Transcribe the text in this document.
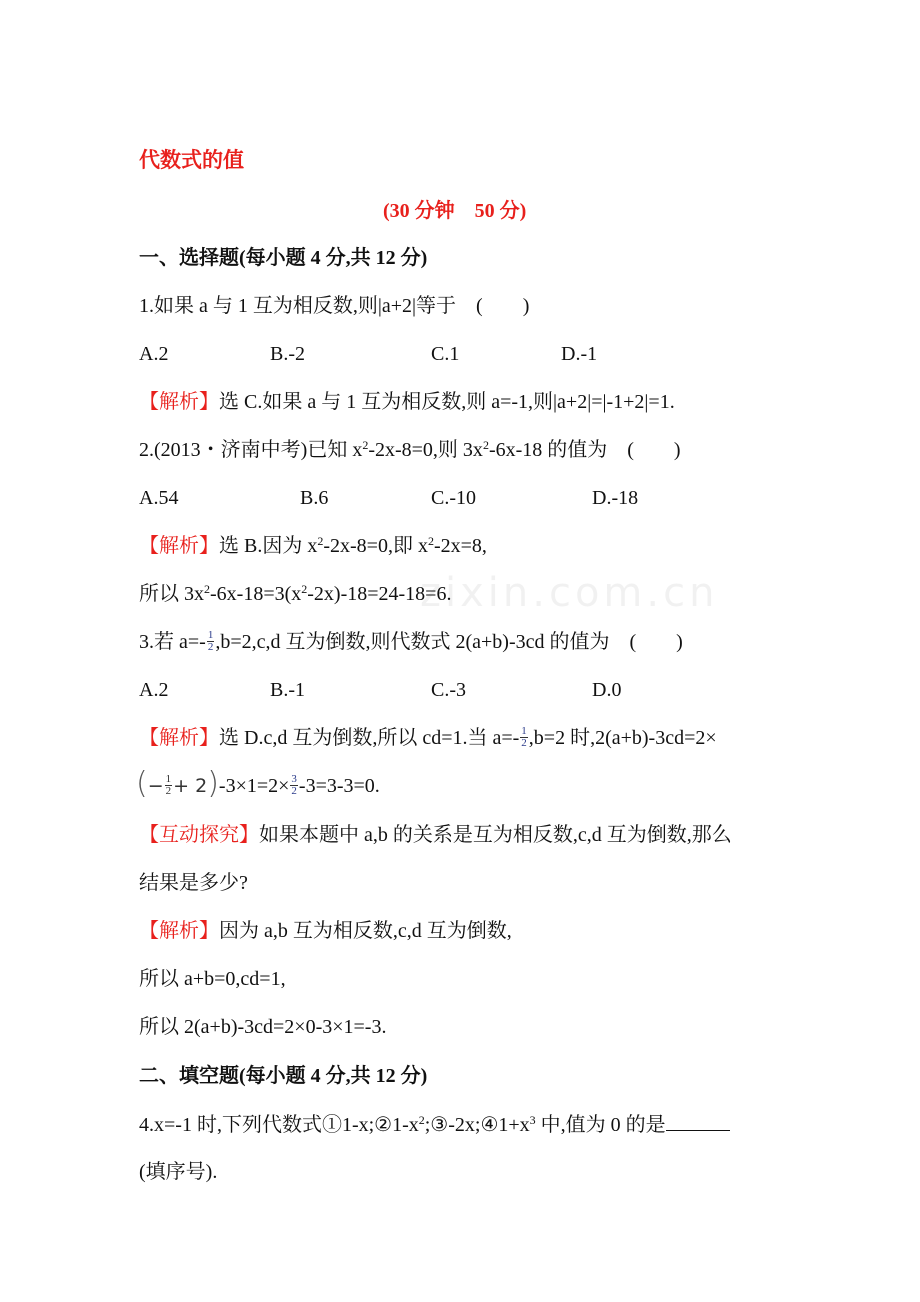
zixin.com.cn
代数式的值
(30 分钟　50 分)
一、选择题(每小题 4 分,共 12 分)
1.如果 a 与 1 互为相反数,则|a+2|等于　(　　)
A.2	B.-2	C.1	D.-1
【解析】选 C.如果 a 与 1 互为相反数,则 a=-1,则|a+2|=|-1+2|=1.
2.(2013・济南中考)已知 $x^2-2x-8=0$,则 $3x^2-6x-18$ 的值为　(　　)
A.54	B.6	C.-10	D.-18
【解析】选 B.因为 $x^2-2x-8=0$,即 $x^2-2x=8$,
所以 $3x^2-6x-18=3(x^2-2x)-18=24-18=6$.
3.若 $a=- \frac{1}{2} ,b=2,c,d$ 互为倒数,则代数式 2(a+b)-3cd 的值为　(　　)
A.2	B.-1	C.-3	D.0
【解析】选 D.c,d 互为倒数,所以 cd=1.当 $a=- \frac{1}{2} ,b=2$ 时,2(a+b)-3cd=2×
(− $\frac{1}{2} + 2)-3\times 1=2\times \frac{3}{2} -3=3-3=0$.
【互动探究】如果本题中 a,b 的关系是互为相反数,c,d 互为倒数,那么
结果是多少?
【解析】因为 a,b 互为相反数,c,d 互为倒数,
所以 a+b=0,cd=1,
所以 2(a+b)-3cd=2×0-3×1=-3.
二、填空题(每小题 4 分,共 12 分)
4.x=-1 时,下列代数式$①1-x;②1-x^2;③-2x;④1+x^3$ 中,值为 0 的是
(填序号).
